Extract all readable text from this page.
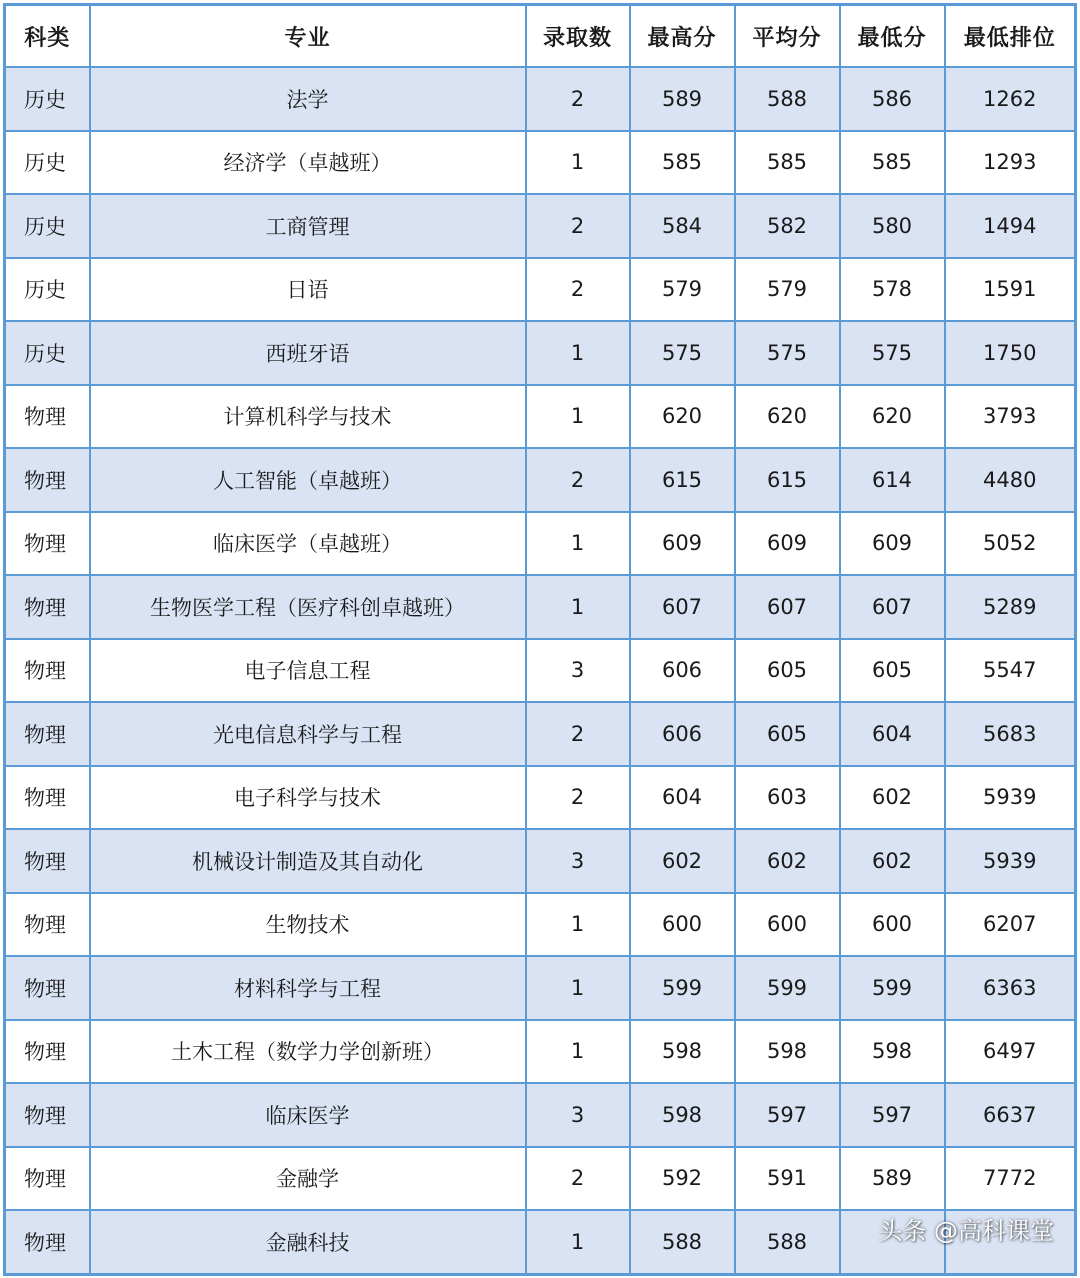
科类	专业	录取数	最高分	平均分	最低分	最低排位
历史	法学	2	589	588	586	1262
历史	经济学（卓越班）	1	585	585	585	1293
历史	工商管理	2	584	582	580	1494
历史	日语	2	579	579	578	1591
历史	西班牙语	1	575	575	575	1750
物理	计算机科学与技术	1	620	620	620	3793
物理	人工智能（卓越班）	2	615	615	614	4480
物理	临床医学（卓越班）	1	609	609	609	5052
物理	生物医学工程（医疗科创卓越班）	1	607	607	607	5289
物理	电子信息工程	3	606	605	605	5547
物理	光电信息科学与工程	2	606	605	604	5683
物理	电子科学与技术	2	604	603	602	5939
物理	机械设计制造及其自动化	3	602	602	602	5939
物理	生物技术	1	600	600	600	6207
物理	材料科学与工程	1	599	599	599	6363
物理	土木工程（数学力学创新班）	1	598	598	598	6497
物理	临床医学	3	598	597	597	6637
物理	金融学	2	592	591	589	7772
物理	金融科技	1	588	588			头条 @高科课堂
